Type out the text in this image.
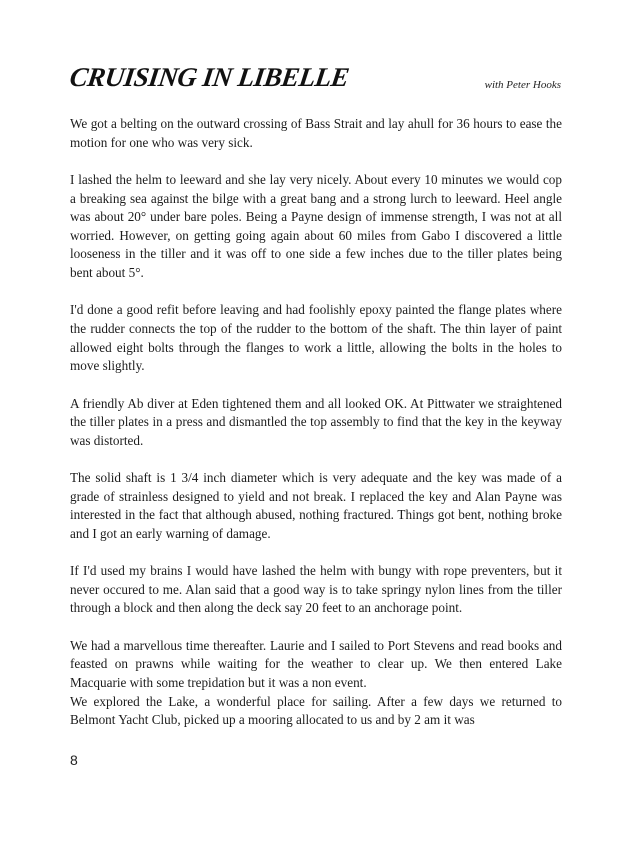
CRUISING IN LIBELLE	with Peter Hooks

We got a belting on the outward crossing of Bass Strait and lay ahull for 36 hours to ease the motion for one who was very sick.

I lashed the helm to leeward and she lay very nicely. About every 10 minutes we would cop a breaking sea against the bilge with a great bang and a strong lurch to leeward. Heel angle was about 20° under bare poles. Being a Payne design of immense strength, I was not at all worried. However, on getting going again about 60 miles from Gabo I discovered a little looseness in the tiller and it was off to one side a few inches due to the tiller plates being bent about 5°.

I'd done a good refit before leaving and had foolishly epoxy painted the flange plates where the rudder connects the top of the rudder to the bottom of the shaft. The thin layer of paint allowed eight bolts through the flanges to work a little, allowing the bolts in the holes to move slightly.

A friendly Ab diver at Eden tightened them and all looked OK. At Pittwater we straightened the tiller plates in a press and dismantled the top assembly to find that the key in the keyway was distorted.

The solid shaft is 1 3/4 inch diameter which is very adequate and the key was made of a grade of strainless designed to yield and not break. I replaced the key and Alan Payne was interested in the fact that although abused, nothing fractured. Things got bent, nothing broke and I got an early warning of damage.

If I'd used my brains I would have lashed the helm with bungy with rope preventers, but it never occured to me. Alan said that a good way is to take springy nylon lines from the tiller through a block and then along the deck say 20 feet to an anchorage point.

We had a marvellous time thereafter. Laurie and I sailed to Port Stevens and read books and feasted on prawns while waiting for the weather to clear up. We then entered Lake Macquarie with some trepidation but it was a non event.

We explored the Lake, a wonderful place for sailing. After a few days we returned to Belmont Yacht Club, picked up a mooring allocated to us and by 2 am it was

8
